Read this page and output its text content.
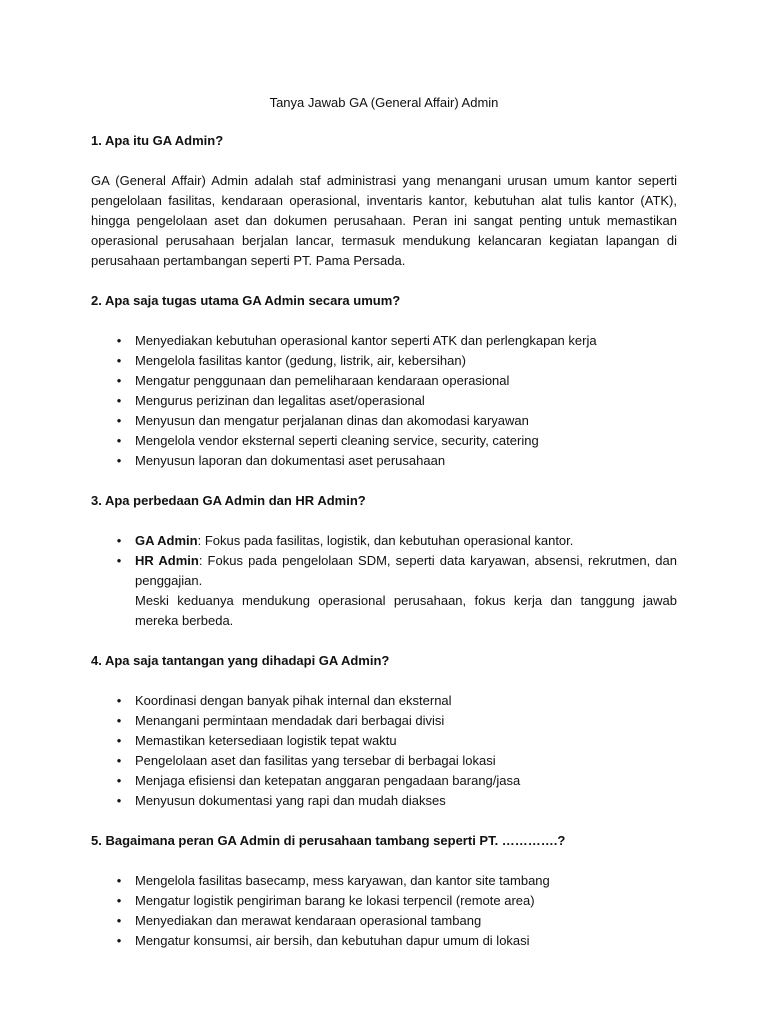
Tanya Jawab GA (General Affair) Admin
1. Apa itu GA Admin?
GA (General Affair) Admin adalah staf administrasi yang menangani urusan umum kantor seperti pengelolaan fasilitas, kendaraan operasional, inventaris kantor, kebutuhan alat tulis kantor (ATK), hingga pengelolaan aset dan dokumen perusahaan. Peran ini sangat penting untuk memastikan operasional perusahaan berjalan lancar, termasuk mendukung kelancaran kegiatan lapangan di perusahaan pertambangan seperti PT. Pama Persada.
2. Apa saja tugas utama GA Admin secara umum?
• Menyediakan kebutuhan operasional kantor seperti ATK dan perlengkapan kerja
• Mengelola fasilitas kantor (gedung, listrik, air, kebersihan)
• Mengatur penggunaan dan pemeliharaan kendaraan operasional
• Mengurus perizinan dan legalitas aset/operasional
• Menyusun dan mengatur perjalanan dinas dan akomodasi karyawan
• Mengelola vendor eksternal seperti cleaning service, security, catering
• Menyusun laporan dan dokumentasi aset perusahaan
3. Apa perbedaan GA Admin dan HR Admin?
• GA Admin: Fokus pada fasilitas, logistik, dan kebutuhan operasional kantor.
• HR Admin: Fokus pada pengelolaan SDM, seperti data karyawan, absensi, rekrutmen, dan penggajian.
Meski keduanya mendukung operasional perusahaan, fokus kerja dan tanggung jawab mereka berbeda.
4. Apa saja tantangan yang dihadapi GA Admin?
• Koordinasi dengan banyak pihak internal dan eksternal
• Menangani permintaan mendadak dari berbagai divisi
• Memastikan ketersediaan logistik tepat waktu
• Pengelolaan aset dan fasilitas yang tersebar di berbagai lokasi
• Menjaga efisiensi dan ketepatan anggaran pengadaan barang/jasa
• Menyusun dokumentasi yang rapi dan mudah diakses
5. Bagaimana peran GA Admin di perusahaan tambang seperti PT. ………….?
• Mengelola fasilitas basecamp, mess karyawan, dan kantor site tambang
• Mengatur logistik pengiriman barang ke lokasi terpencil (remote area)
• Menyediakan dan merawat kendaraan operasional tambang
• Mengatur konsumsi, air bersih, dan kebutuhan dapur umum di lokasi
